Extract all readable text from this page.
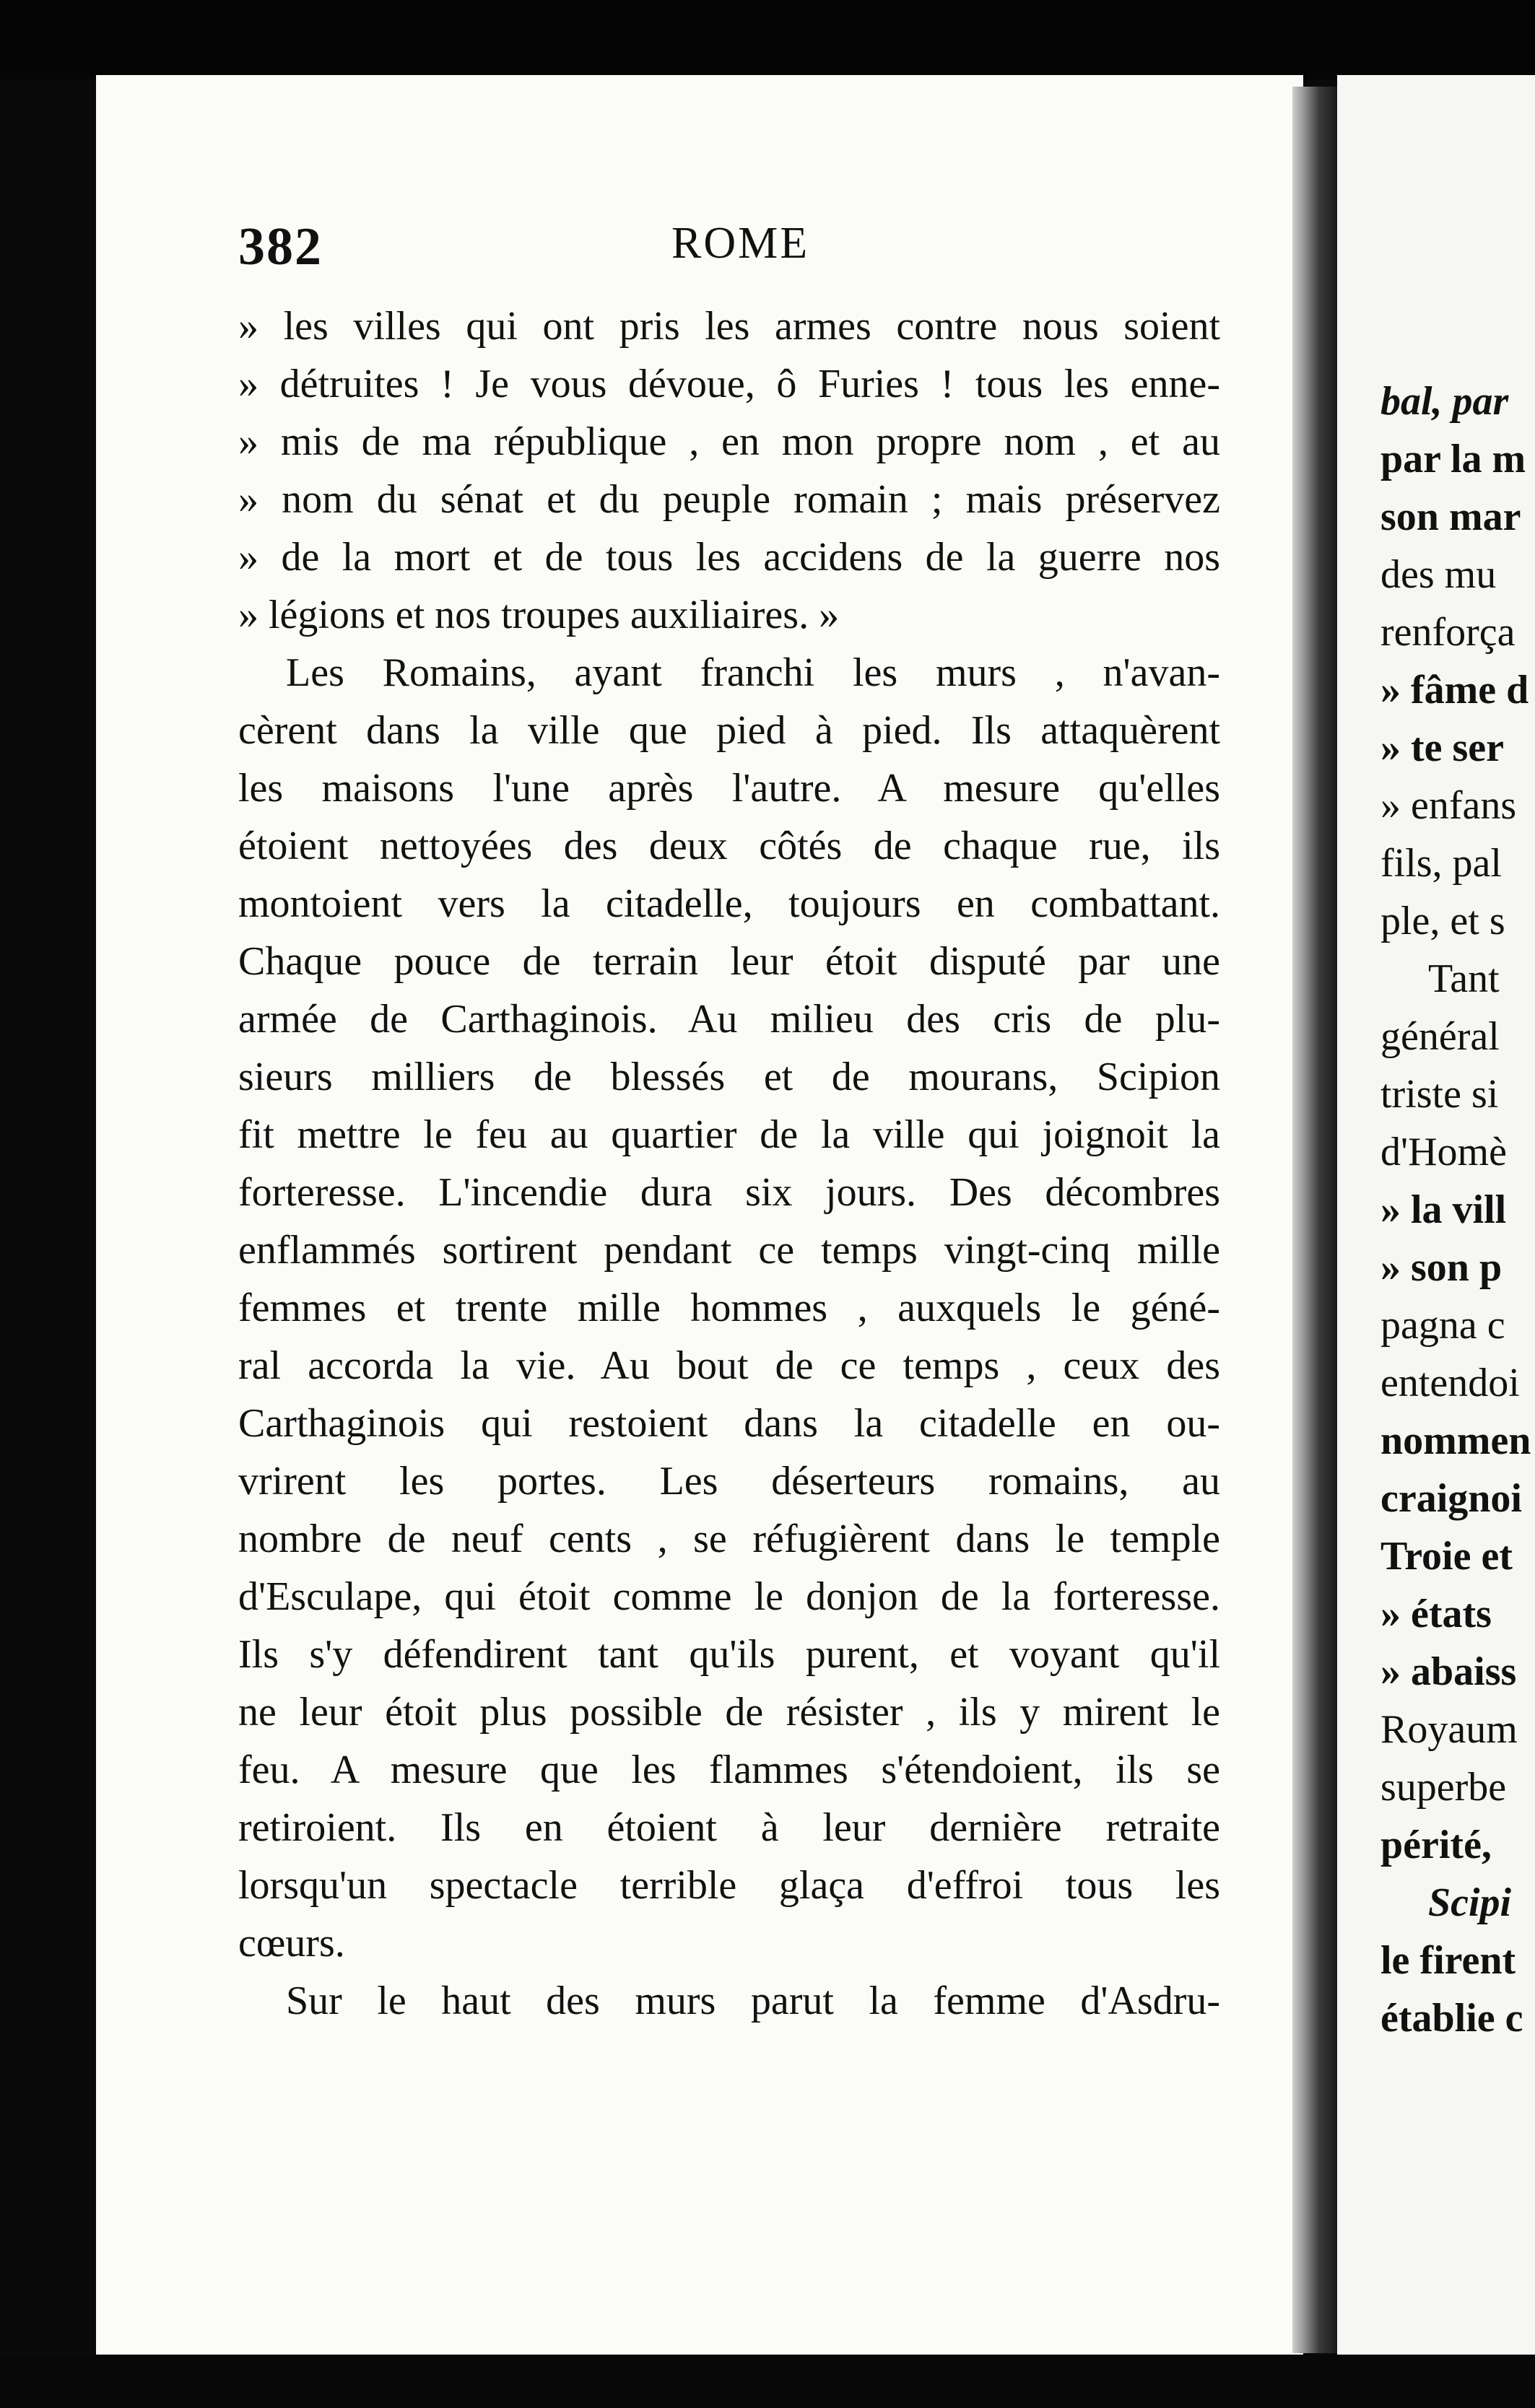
bal, par
par la m
son mar
des mu
renforça
» fâme d
» te ser
» enfans
fils, pal
ple, et s
Tant
général
triste si
d'Homè
» la vill
» son p
pagna c
entendoi
nommen
craignoi
Troie et
» états
» abaiss
Royaum
superbe
périté,
Scipi
le firent
établie c
382	ROME
» les villes qui ont pris les armes contre nous soient
» détruites ! Je vous dévoue, ô Furies ! tous les enne-
» mis de ma république , en mon propre nom , et au
» nom du sénat et du peuple romain ; mais préservez
» de la mort et de tous les accidens de la guerre nos
» légions et nos troupes auxiliaires. »
Les Romains, ayant franchi les murs , n'avan-
cèrent dans la ville que pied à pied. Ils attaquèrent
les maisons l'une après l'autre. A mesure qu'elles
étoient nettoyées des deux côtés de chaque rue, ils
montoient vers la citadelle, toujours en combattant.
Chaque pouce de terrain leur étoit disputé par une
armée de Carthaginois. Au milieu des cris de plu-
sieurs milliers de blessés et de mourans, Scipion
fit mettre le feu au quartier de la ville qui joignoit la
forteresse. L'incendie dura six jours. Des décombres
enflammés sortirent pendant ce temps vingt-cinq mille
femmes et trente mille hommes , auxquels le géné-
ral accorda la vie. Au bout de ce temps , ceux des
Carthaginois qui restoient dans la citadelle en ou-
vrirent les portes. Les déserteurs romains, au
nombre de neuf cents , se réfugièrent dans le temple
d'Esculape, qui étoit comme le donjon de la forteresse.
Ils s'y défendirent tant qu'ils purent, et voyant qu'il
ne leur étoit plus possible de résister , ils y mirent le
feu. A mesure que les flammes s'étendoient, ils se
retiroient. Ils en étoient à leur dernière retraite
lorsqu'un spectacle terrible glaça d'effroi tous les
cœurs.
Sur le haut des murs parut la femme d'Asdru-
